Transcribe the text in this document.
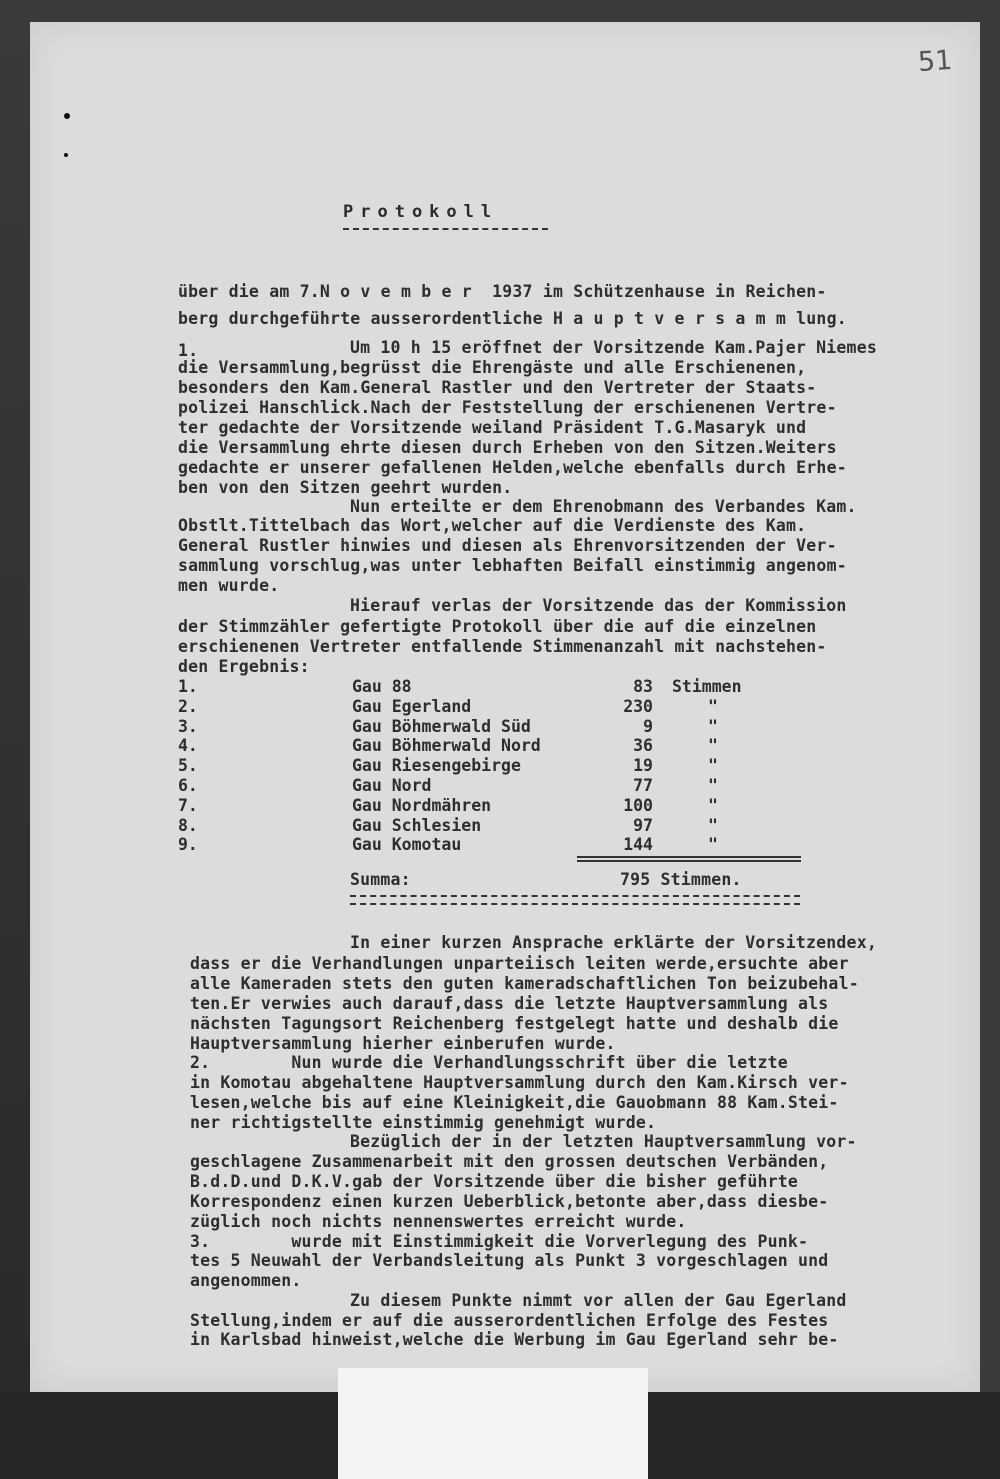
51
Protokoll
über die am 7.N o v e m b e r  1937 im Schützenhause in Reichen-
berg durchgeführte ausserordentliche H a u p t v e r s a m m lung.
1.	Um 10 h 15 eröffnet der Vorsitzende Kam.Pajer Niemes
die Versammlung,begrüsst die Ehrengäste und alle Erschienenen,
besonders den Kam.General Rastler und den Vertreter der Staats-
polizei Hanschlick.Nach der Feststellung der erschienenen Vertre-
ter gedachte der Vorsitzende weiland Präsident T.G.Masaryk und
die Versammlung ehrte diesen durch Erheben von den Sitzen.Weiters
gedachte er unserer gefallenen Helden,welche ebenfalls durch Erhe-
ben von den Sitzen geehrt wurden.
Nun erteilte er dem Ehrenobmann des Verbandes Kam.
Obstlt.Tittelbach das Wort,welcher auf die Verdienste des Kam.
General Rustler hinwies und diesen als Ehrenvorsitzenden der Ver-
sammlung vorschlug,was unter lebhaften Beifall einstimmig angenom-
men wurde.
Hierauf verlas der Vorsitzende das der Kommission
der Stimmzähler gefertigte Protokoll über die auf die einzelnen
erschienenen Vertreter entfallende Stimmenanzahl mit nachstehen-
den Ergebnis:
1.	Gau 88	83 Stimmen
2.	Gau Egerland	230	"
3.	Gau Böhmerwald Süd	9	"
4.	Gau Böhmerwald Nord	36	"
5.	Gau Riesengebirge	19	"
6.	Gau Nord	77	"
7.	Gau Nordmähren	100	"
8.	Gau Schlesien	97	"
9.	Gau Komotau	144	"
Summa:	795 Stimmen.
In einer kurzen Ansprache erklärte der Vorsitzendex,
dass er die Verhandlungen unparteiisch leiten werde,ersuchte aber
alle Kameraden stets den guten kameradschaftlichen Ton beizubehal-
ten.Er verwies auch darauf,dass die letzte Hauptversammlung als
nächsten Tagungsort Reichenberg festgelegt hatte und deshalb die
Hauptversammlung hierher einberufen wurde.
2.        Nun wurde die Verhandlungsschrift über die letzte
in Komotau abgehaltene Hauptversammlung durch den Kam.Kirsch ver-
lesen,welche bis auf eine Kleinigkeit,die Gauobmann 88 Kam.Stei-
ner richtigstellte einstimmig genehmigt wurde.
Bezüglich der in der letzten Hauptversammlung vor-
geschlagene Zusammenarbeit mit den grossen deutschen Verbänden,
B.d.D.und D.K.V.gab der Vorsitzende über die bisher geführte
Korrespondenz einen kurzen Ueberblick,betonte aber,dass diesbe-
züglich noch nichts nennenswertes erreicht wurde.
3.        wurde mit Einstimmigkeit die Vorverlegung des Punk-
tes 5 Neuwahl der Verbandsleitung als Punkt 3 vorgeschlagen und
angenommen.
Zu diesem Punkte nimmt vor allen der Gau Egerland
Stellung,indem er auf die ausserordentlichen Erfolge des Festes
in Karlsbad hinweist,welche die Werbung im Gau Egerland sehr be-
